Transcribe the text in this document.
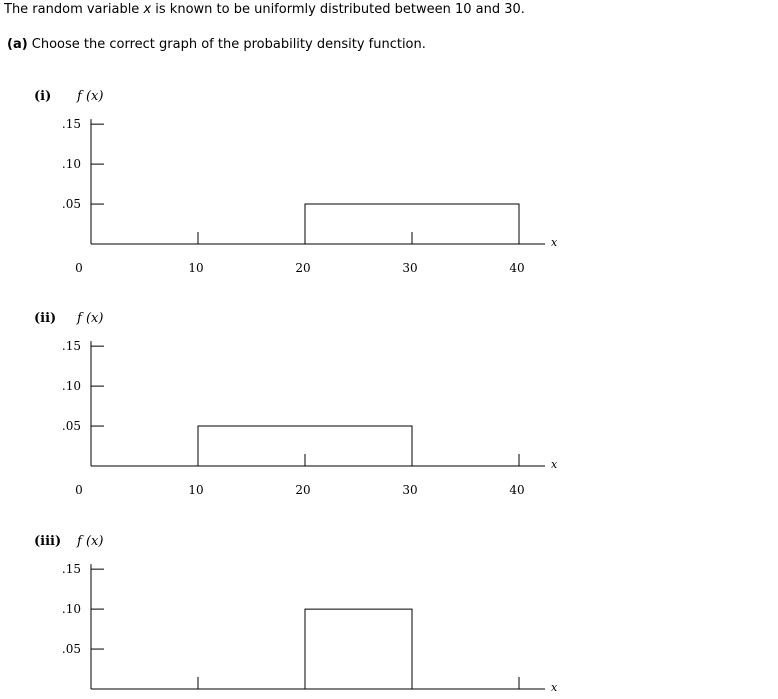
The random variable x is known to be uniformly distributed between 10 and 30.
(a) Choose the correct graph of the probability density function.
(i) f (x)
.15
.10
.05
0	10	20	30	40
x
(ii) f (x)
.15
.10
.05
0	10	20	30	40
x
(iii) f (x)
.15
.10
.05
x
